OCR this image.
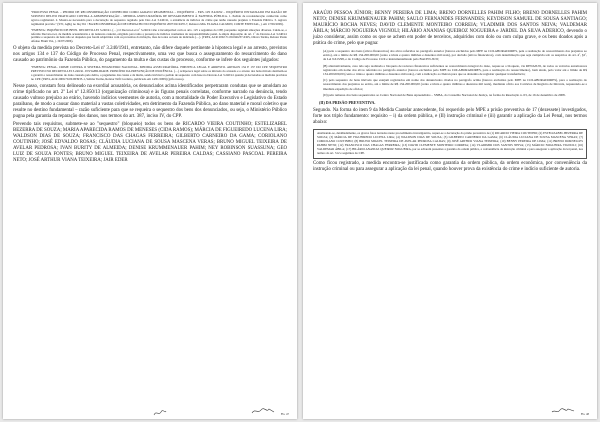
"PROCESSO PENAL – PEDIDO DE RECONSIDERAÇÃO CONHECIDO COMO AGRAVO REGIMENTAL – INQUÉRITO – ERS. LEI 8.429/92 – INQUÉRITO INSTAURADO EM RAZÃO DE SUPOSTO DELITO PRATICADO CONTRA A ADMINISTRAÇÃO – MEDIDA ASSECURATÓRIA DE RESSARCIMENTO À FAZENDA PÚBLICA. 1. Pedido de reconsideração conhecido como agravo regimental. 2. Mostra-se necessária para a decretação do sequestro regulado pelo Dec.-Lei 3.240/41, a existência de indícios de crime que tenha causado prejuízo à Fazenda Pública. 3. Agravo regimental provido." (STJ, AgRg no Inq 561 / BA RECONSIDERAÇÃO DE DESPACHO NO INQUÉRITO 2007/0219470-7, Relatora Min. ELIANA CALMON, CORTE ESPECIAL, j. em 17/06/2009).

"EMENTA: INQUÉRITO DE BENS. DECRETO-LEI 3.240/41. (…) O Decreto-Lei nº 3.240/41 não é incompatível com os arts. 125 e seguintes do CPP, porquanto regulam situações diversas. Cuida-se, o referido Decreto-Lei, de medida acautelatória e de natureza cautelar, exigindo para tanto a presença de indícios veementes da responsabilidade penal. A ampla disposição do art. 1º do Decreto-Lei 3.240/41 permite o sequestro de bens não só daqueles que forem adquiridos com os proventos da infração, mas de todos os bens do indiciado (…). (TRF4, ACR 2002.71.00.046237-6/RS, Oitava Turma, Relator Paulo Afonso Brum Vaz, j. 19/07/2006).

O objeto da medida prevista no Decreto-Lei nº 3.240/1941, entretanto, não difere daquele pertinente à hipoteca legal e ao arresto, previstos nos artigos 134 e 137 do Código de Processo Penal, respectivamente, uma vez que busca o asseguramento do ressarcimento do dano causado ao patrimônio da Fazenda Pública, do pagamento da multa e das custas do processo, conforme se infere dos seguintes julgados:

"EMENTA: PENAL. CRIME CONTRA O SISTEMA FINANCEIRO NACIONAL. MEDIDA ASSECURATÓRIA. HIPOTECA LEGAL E ARRESTO. ARTIGOS 134 E 137 DO CPP. SEQUESTRO PREVISTO NO DECRETO-LEI 3.240/41. INVIABILIDADE. PRINCÍPIO DA PRESUNÇÃO DE INOCÊNCIA. (…) A hipoteca legal sobre os imóveis do acusado e o arresto dos bens móveis destinam-se a garantir o ressarcimento do dano causado pelo delito, o pagamento das custas e da multa, sendo inviável o pedido de sequestro com base no Decreto-Lei 3.240/41 quando já decretadas as medidas previstas no CPP. (TRF4, ACR 2009.70.00.003935-1, Sétima Turma, Relator Néfi Cordeiro, publicado em 14/01/2009) (grifo nosso).

Nesse passo, constam fora delineado na exordial acusatória, os denunciados acima identificados perpetraram condutas que se amoldam ao crime tipificado no art. 2º Lei nº 12.850/13 (organização criminosa) e às figuras penais correlatas, conforme narrado na denúncia, tendo causado vultoso prejuízo ao erário, havendo indícios veementes de autoria, com a mortalidade do Poder Executivo e Legislativo do Estado paraibano, de modo a causar dano material a vastas coletividades, em detrimento da Fazenda Pública, ao dano material e moral coletivo que resulte no destino fundamental – razão suficiente para que se requeira o sequestro dos bens dos denunciados, ou seja, o Ministério Público pugna pela garantia da reparação dos danos, nos termos do art. 387, inciso IV, do CPP.

Prevendo tais requisitos, submete-se ao "sequestro" (bloqueio) todos os bens de RICARDO VIEIRA COUTINHO; ESTELIZABEL BEZERRA DE SOUZA; MARIA APARECIDA RAMOS DE MENESES (CIDA RAMOS); MÁRCIA DE FIGUEIREDO LUCENA LIRA; WALDSON DIAS DE SOUZA; FRANCISCO DAS CHAGAS FERREIRA; GILBERTO CARNEIRO DA GAMA; CORIOLANO COUTINHO; JOSÉ EDVALDO ROSAS; CLÁUDIA LUCIANA DE SOUSA MASCENA VERAS; BRUNO MIGUEL TEIXEIRA DE AVELAR PEDROSA; IVAN BURITY DE ALMEIDA; DENISE KRUMMENAUER PAHIM; NEY ROBINSON SUASSUNA; GEO LUIZ DE SOUZA FONTES; BRUNO MIGUEL TEIXEIRA DE AVELAR PEREIRA CALDAS; CASSIANO PASCOAL PEREIRA NETO; JOSÉ ARTHUR VIANA TEIXEIRA; JAIR EDER

Fls. 47

ARAÚJO PESSOA JÚNIOR; BENNY PEREIRA DE LIMA; BRENO DORNELLES PAHIM FILHO; BRENO DORNELLES PAHIM NETO; DENISE KRUMMENAUER PAHIM; SAULO FERNANDES FERNANDES; KEYDISON SAMUEL DE SOUSA SANTIAGO; MAURÍCIO ROCHA NEVES; DAVID CLEMENTE MONTEIRO CORREIA; VLADIMIR DOS SANTOS NEIVA; VALDEMAR ÁBILA; MÁRCIO NOGUEIRA VIGNOLI; HILÁRIO ANANIAS QUEIROZ NOGUEIRA e JARDEL DA SILVA ADERICO, devendo o juízo considerar, assim como os que se achem em poder de terceiros, adquiridos com dolo ou com culpa grave, e os bens doados após a prática do crime, pelo que pugna:

(A) pela o sequestro dos bens (ativos financeiros) dos alvos referidos no parágrafo anterior (bancos excluídos pelo MPE na COLABORADORES, pela a realização do ressarcimento dos prejuízos ao erário), até o limite de R$ 134.200.000,00 (cento e trinta e quatro milhões e duzentos mil reais), por decisão (ativos financeiros), com determinação que seja cumprida sob os auspícios do art. 4º, §2º, da Lei 9.613/98, e do Código de Processo Civil e instrumentalizado pelo BACEN-JUD;

(B) alternativamente, caso não seja realizada a bloqueio de recursos financeiros suficientes ao ressarcimento integral do dano, requer-se o bloqueio, via RENAJUD, de todos os veículos automotores registrados em nome dos alvos referidos no parágrafo anterior (bancos excluídos pelo MPE na COLABORADORES, para a realização do ressarcimento), bem ainda, pelo valor até o limite de R$ 134.200.000,00 (cento e trinta e quatro milhões e duzentos mil reais), com a indicação ao Detran para que se abstenha de registrar qualquer transferência;

(C) pelo sequestro de bens imóveis que estejam registrados em nome dos denunciados citados no parágrafo acima (bancos excluídos pelo MPE na COLABORADORES), para a realização do ressarcimento dos prejuízos ao erário, até o limite de R$ 134.200.000,00 (cento e trinta e quatro milhões e duzentos mil reais), mediante ofício aos Cartórios de Registro de Imóveis, requerendo-se a imediata expedição de ofícios;

(D) pela remessa dos bens sequestrados ao Centro Nacional de Bens Apreendidos – SNBA, do Conselho Nacional de Justiça, na forma da Resolução n. 63, de 16 de dezembro de 2008.

(II) DA PRISÃO PREVENTIVA.

Segundo. Na forma do item 9 da Medida Cautelar antecedente, foi requerido pelo MPE a prisão preventiva de 17 (dezessete) investigados, forte nos triplo fundamento: requisito – i) da ordem pública, e (II) instrução criminal e (iii) garantir a aplicação da Lei Penal, nos termos abaixo:

Analisando-se, detalhadamente, os gravos fatos narrados neste procedimento investigatório, requer-se a decretação da prisão preventiva de (1) RICARDO VIEIRA COUTINHO; (2) ESTELIZABEL BEZERRA DE SOUZA; (3) MÁRCIA DE FIGUEIREDO LUCENA LIRA; (4) WALDSON DIAS DE SOUZA; (5) GILBERTO CARNEIRO DA GAMA; (6) CLÁUDIA LUCIANA DE SOUSA MASCENA VERAS; (7) CORIOLANO COUTINHO; (8) BRUNO MIGUEL TEIXEIRA DE AVELAR PEDROSA CALDAS; (9) JOSÉ ARTHUR VIANA TEIXEIRA; (10) BENNY PEREIRA DE LIMA; (11) BRENO DORNELLES PAHIM NETO; (12) FRANCISCO DAS CHAGAS FERREIRA; (13) DAVID CLEMENTE MONTEIRO CORREIA; (14) VLADIMIR DOS SANTOS NEIVA; (15) MÁRCIO NOGUEIRA VIGNOLI; (16) VALDEMAR ÁBILA; (17) HILÁRIO ANANIAS QUEIROZ NOGUEIRA, por se acharem presentes a garantia da ordem pública, a conveniência da instrução criminal e para assegurar a aplicação da lei penal, nos termos do art. 312 e seguintes do CPP.

Como ficou registrado, a medida encontra-se justificada como garantia da ordem pública, da ordem econômica, por conveniência da instrução criminal ou para assegurar a aplicação da lei penal, quando houver prova da existência do crime e indício suficiente de autoria.

Fls. 48
